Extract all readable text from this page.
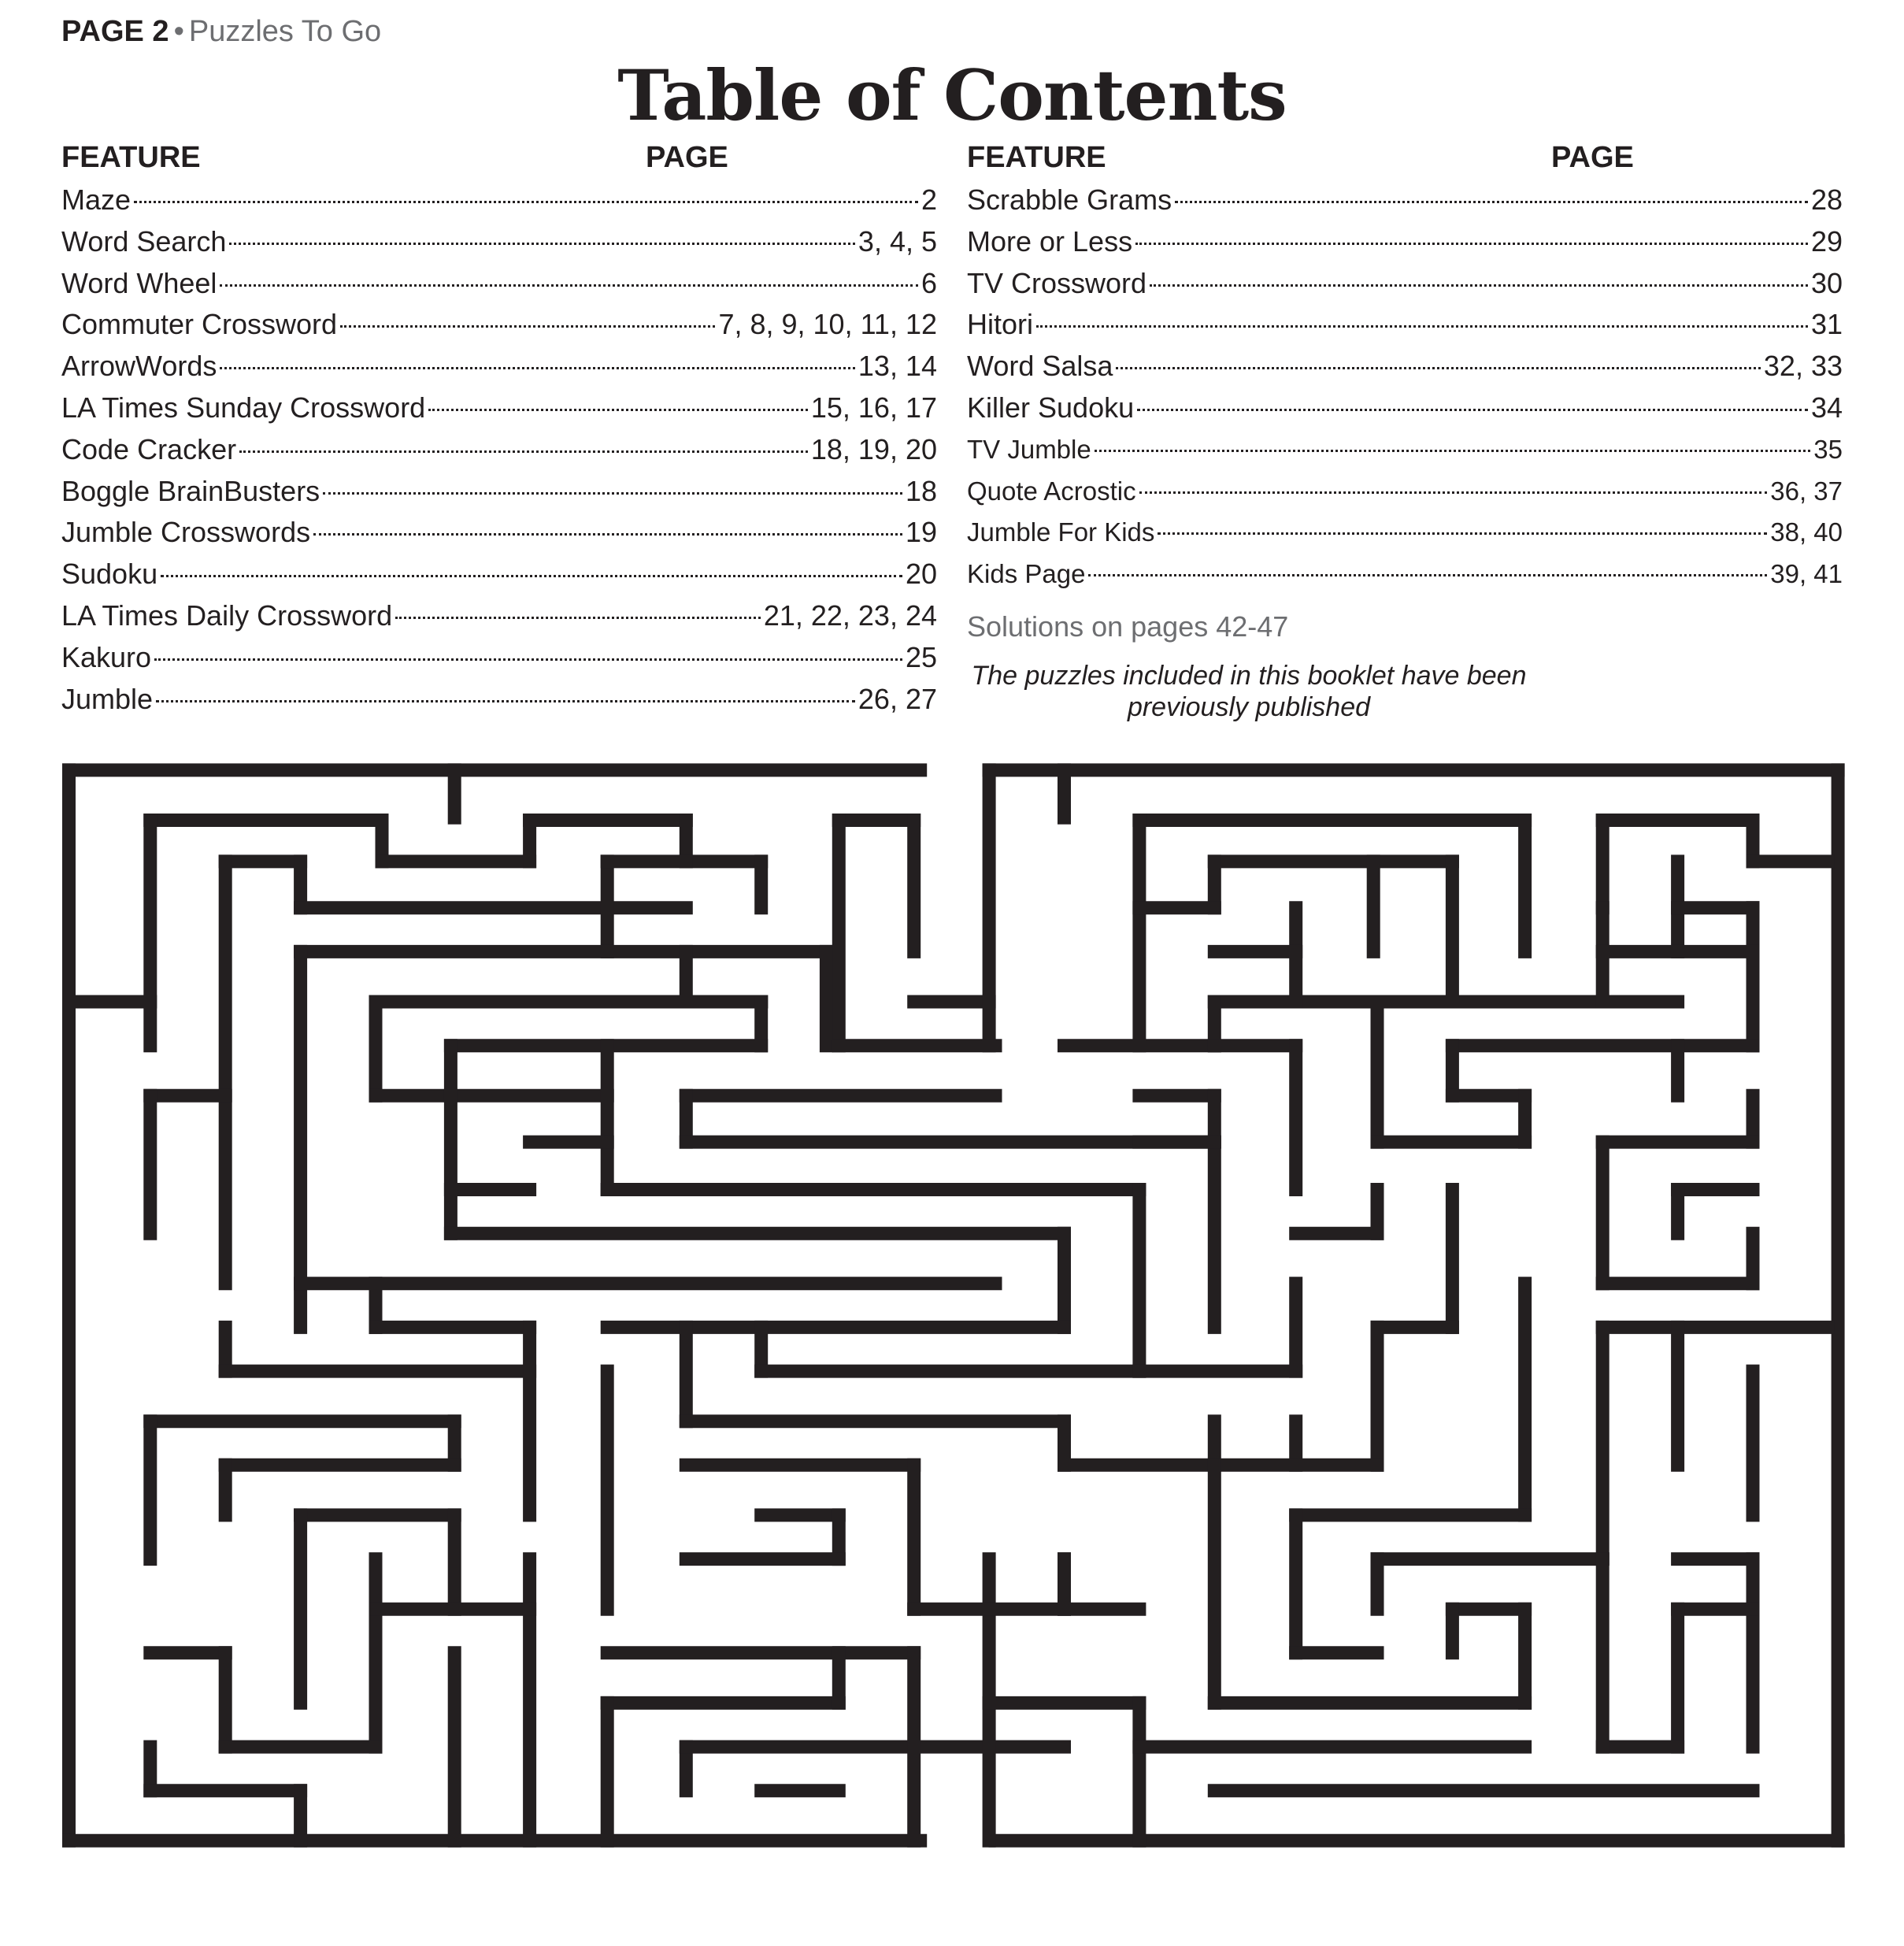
PAGE 2 • Puzzles To Go
Table of Contents
FEATURE	PAGE
Maze	2
Word Search	3, 4, 5
Word Wheel	6
Commuter Crossword	7, 8, 9, 10, 11, 12
ArrowWords	13, 14
LA Times Sunday Crossword	15, 16, 17
Code Cracker	18, 19, 20
Boggle BrainBusters	18
Jumble Crosswords	19
Sudoku	20
LA Times Daily Crossword	21, 22, 23, 24
Kakuro	25
Jumble	26, 27
FEATURE	PAGE
Scrabble Grams	28
More or Less	29
TV Crossword	30
Hitori	31
Word Salsa	32, 33
Killer Sudoku	34
TV Jumble	35
Quote Acrostic	36, 37
Jumble For Kids	38, 40
Kids Page	39, 41
Solutions on pages 42-47
The puzzles included in this booklet have been
previously published
